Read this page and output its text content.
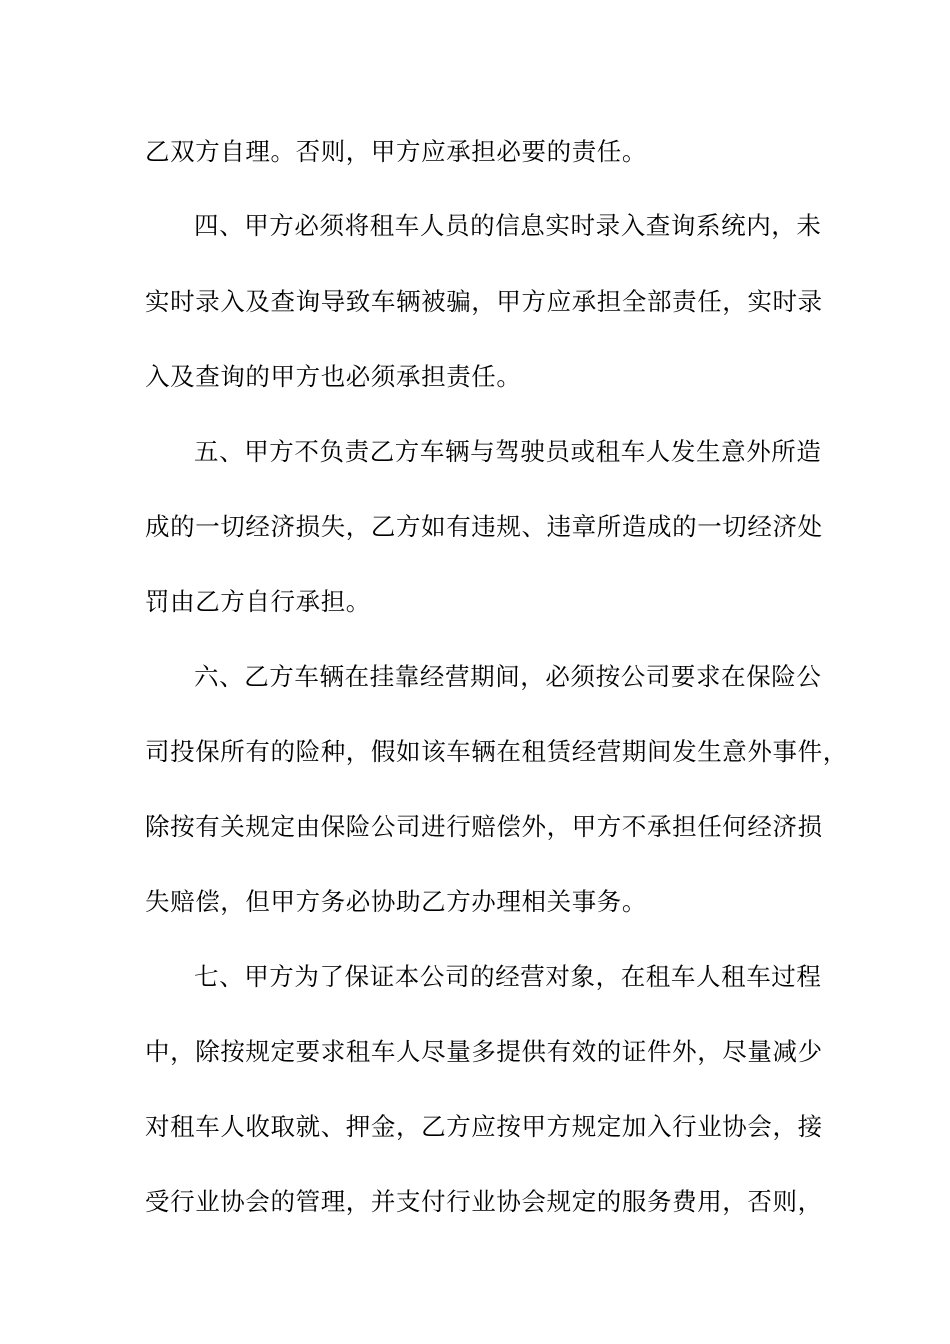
乙双方自理。否则，甲方应承担必要的责任。
四、甲方必须将租车人员的信息实时录入查询系统内，未
实时录入及查询导致车辆被骗，甲方应承担全部责任，实时录
入及查询的甲方也必须承担责任。
五、甲方不负责乙方车辆与驾驶员或租车人发生意外所造
成的一切经济损失，乙方如有违规、违章所造成的一切经济处
罚由乙方自行承担。
六、乙方车辆在挂靠经营期间，必须按公司要求在保险公
司投保所有的险种，假如该车辆在租赁经营期间发生意外事件，
除按有关规定由保险公司进行赔偿外，甲方不承担任何经济损
失赔偿，但甲方务必协助乙方办理相关事务。
七、甲方为了保证本公司的经营对象，在租车人租车过程
中，除按规定要求租车人尽量多提供有效的证件外，尽量减少
对租车人收取就、押金，乙方应按甲方规定加入行业协会，接
受行业协会的管理，并支付行业协会规定的服务费用，否则，
